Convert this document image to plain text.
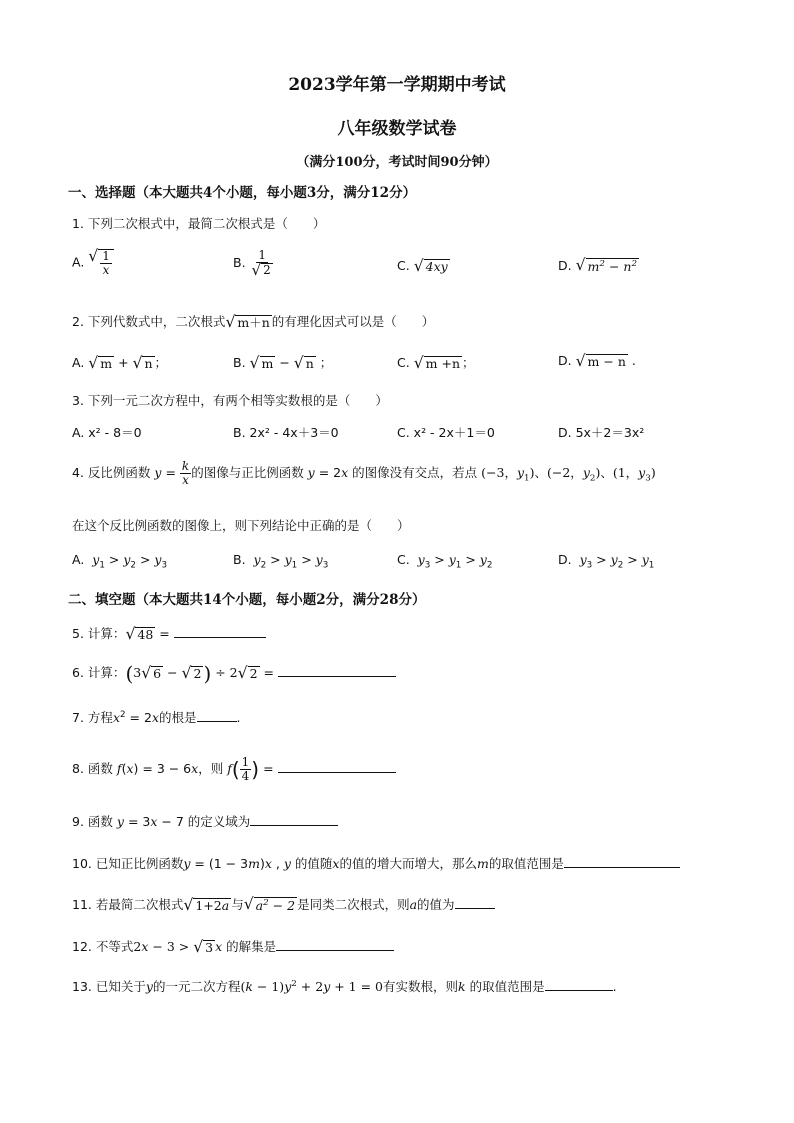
2023学年第一学期期中考试
八年级数学试卷
（满分100分，考试时间90分钟）
一、选择题（本大题共4个小题，每小题3分，满分12分）
1. 下列二次根式中，最简二次根式是（　　）
A. √ $\frac{1}{x}$	B. $\frac{1}{√ 2}$	C. √ 4xy	D. √ $m^2 - n^2$
2. 下列代数式中，二次根式 √ m＋n 的有理化因式可以是（　　）
A. √ m + √ n ；	B. √ m − √ n ；	C. √ m +n ；	D. √ m − n .
3. 下列一元二次方程中，有两个相等实数根的是（　　）
A. x² - 8＝0	B. 2x² - 4x＋3＝0	C. x² - 2x＋1＝0	D. 5x＋2＝3x²
4. 反比例函数 $y = \frac{k}{x}$ 的图像与正比例函数 y = 2x 的图像没有交点，若点 (−3，$y_1$)、(−2，$y_2$)、(1，$y_3$)
在这个反比例函数的图像上，则下列结论中正确的是（　　）
A. $y_1 > y_2 > y_3$	B. $y_2 > y_1 > y_3$	C. $y_3 > y_1 > y_2$	D. $y_3 > y_2 > y_1$
二、填空题（本大题共14个小题，每小题2分，满分28分）
5. 计算： √ 48 =
6. 计算：(3 √ 6 − √ 2 ) ÷ 2 √ 2 =
7. 方程$x^2 = 2x$的根是	.
8. 函数 f(x) = 3 − 6x，则 $f( \frac{1}{4}$ ) =
9. 函数 y = 3x − 7 的定义域为
10. 已知正比例函数y = (1 − 3m)x , y 的值随x的值的增大而增大，那么m的取值范围是
11. 若最简二次根式 √ 1+2a 与 √ $a^2 - 2$ 是同类二次根式，则a的值为
12. 不等式2x − 3 > √ 3 x 的解集是
13. 已知关于y的一元二次方程$(k - 1)y^2 + 2y + 1 = 0$有实数根，则k 的取值范围是	.
